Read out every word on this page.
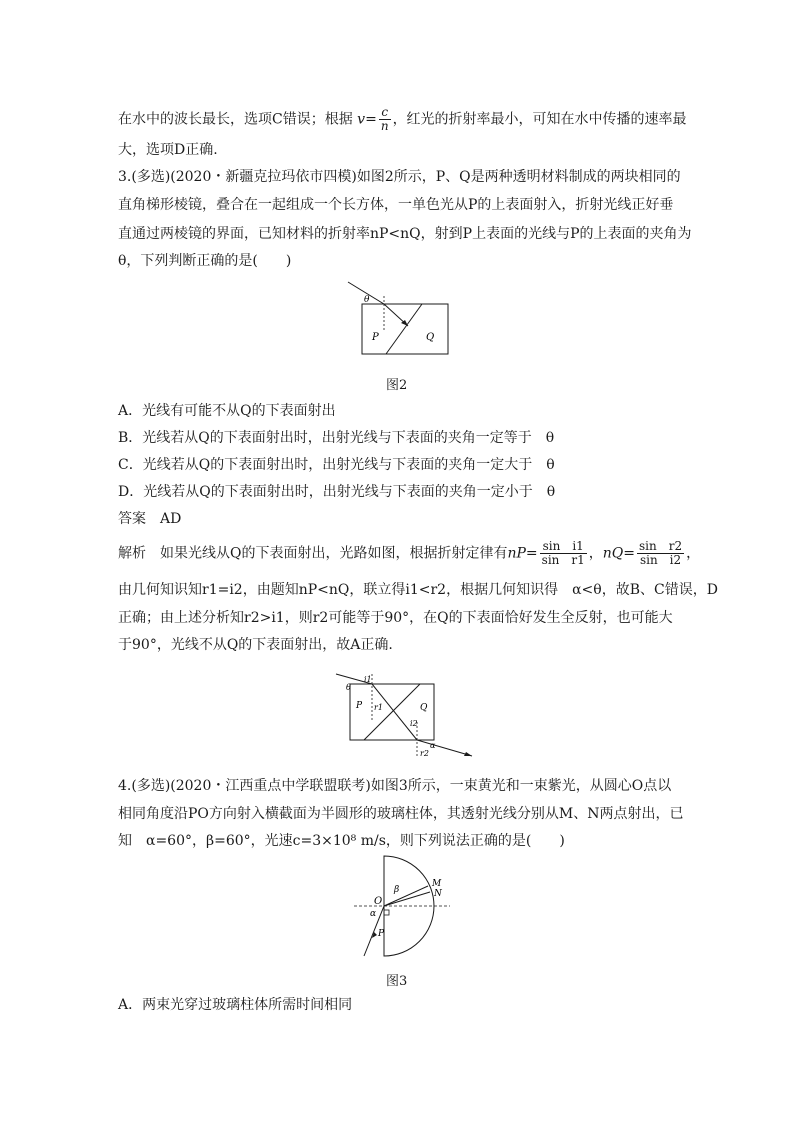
在水中的波长最长，选项C错误；根据 $v= \frac{c}{n}$ ，红光的折射率最小，可知在水中传播的速率最
大，选项D正确.
3.(多选)(2020・新疆克拉玛依市四模)如图2所示，P、Q是两种透明材料制成的两块相同的
直角梯形棱镜，叠合在一起组成一个长方体，一单色光从P的上表面射入，折射光线正好垂
直通过两棱镜的界面，已知材料的折射率nP<nQ，射到P上表面的光线与P的上表面的夹角为
θ，下列判断正确的是(　　)
θ
P	Q
图2
A．光线有可能不从Q的下表面射出
B．光线若从Q的下表面射出时，出射光线与下表面的夹角一定等于　θ
C．光线若从Q的下表面射出时，出射光线与下表面的夹角一定大于　θ
D．光线若从Q的下表面射出时，出射光线与下表面的夹角一定小于　θ
答案　AD
解析　如果光线从Q的下表面射出，光路如图，根据折射定律有$nP= \frac{\text{sin　i1}}{\text{sin　r1}}$ ，$nQ= \frac{\text{sin　r2}}{\text{sin　i2}}$ ，
由几何知识知r1=i2，由题知nP<nQ，联立得i1<r2，根据几何知识得　α<θ，故B、C错误，D
正确；由上述分析知r2>i1，则r2可能等于90°，在Q的下表面恰好发生全反射，也可能大
于90°，光线不从Q的下表面射出，故A正确.
θ
i1
P r1
i2
Q
α
r2
4.(多选)(2020・江西重点中学联盟联考)如图3所示，一束黄光和一束紫光，从圆心O点以
相同角度沿PO方向射入横截面为半圆形的玻璃柱体，其透射光线分别从M、N两点射出，已
知　α=60°，β=60°，光速c=3×10⁸ m/s，则下列说法正确的是(　　)
M
N
O
β
α
P
图3
A．两束光穿过玻璃柱体所需时间相同
